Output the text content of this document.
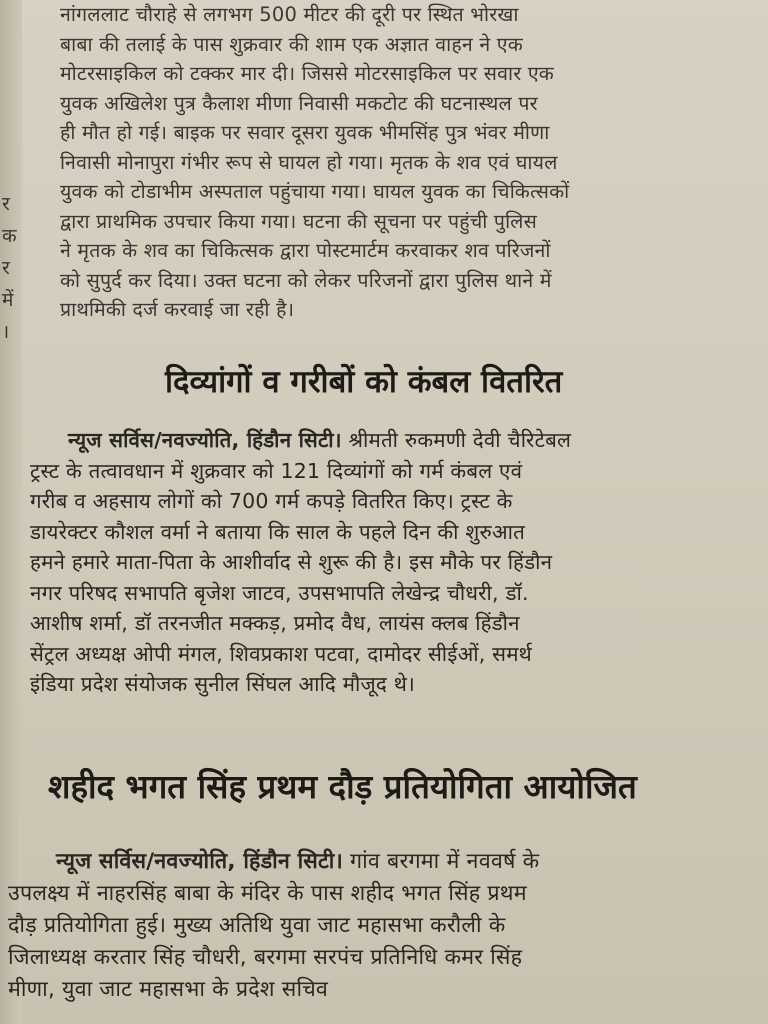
र
क
र
में
।
नांगललाट चौराहे से लगभग 500 मीटर की दूरी पर स्थित भोरखा
बाबा की तलाई के पास शुक्रवार की शाम एक अज्ञात वाहन ने एक
मोटरसाइकिल को टक्कर मार दी। जिससे मोटरसाइकिल पर सवार एक
युवक अखिलेश पुत्र कैलाश मीणा निवासी मकटोट की घटनास्थल पर
ही मौत हो गई। बाइक पर सवार दूसरा युवक भीमसिंह पुत्र भंवर मीणा
निवासी मोनापुरा गंभीर रूप से घायल हो गया। मृतक के शव एवं घायल
युवक को टोडाभीम अस्पताल पहुंचाया गया। घायल युवक का चिकित्सकों
द्वारा प्राथमिक उपचार किया गया। घटना की सूचना पर पहुंची पुलिस
ने मृतक के शव का चिकित्सक द्वारा पोस्टमार्टम करवाकर शव परिजनों
को सुपुर्द कर दिया। उक्त घटना को लेकर परिजनों द्वारा पुलिस थाने में
प्राथमिकी दर्ज करवाई जा रही है।
दिव्यांगों व गरीबों को कंबल वितरित
न्यूज सर्विस/नवज्योति, हिंडौन सिटी। श्रीमती रुकमणी देवी चैरिटेबल
ट्रस्ट के तत्वावधान में शुक्रवार को 121 दिव्यांगों को गर्म कंबल एवं
गरीब व अहसाय लोगों को 700 गर्म कपड़े वितरित किए। ट्रस्ट के
डायरेक्टर कौशल वर्मा ने बताया कि साल के पहले दिन की शुरुआत
हमने हमारे माता-पिता के आशीर्वाद से शुरू की है। इस मौके पर हिंडौन
नगर परिषद सभापति बृजेश जाटव, उपसभापति लेखेन्द्र चौधरी, डॉ.
आशीष शर्मा, डॉ तरनजीत मक्कड़, प्रमोद वैध, लायंस क्लब हिंडौन
सेंट्रल अध्यक्ष ओपी मंगल, शिवप्रकाश पटवा, दामोदर सीईओं, समर्थ
इंडिया प्रदेश संयोजक सुनील सिंघल आदि मौजूद थे।
शहीद भगत सिंह प्रथम दौड़ प्रतियोगिता आयोजित
न्यूज सर्विस/नवज्योति, हिंडौन सिटी। गांव बरगमा में नववर्ष के
उपलक्ष्य में नाहरसिंह बाबा के मंदिर के पास शहीद भगत सिंह प्रथम
दौड़ प्रतियोगिता हुई। मुख्य अतिथि युवा जाट महासभा करौली के
जिलाध्यक्ष करतार सिंह चौधरी, बरगमा सरपंच प्रतिनिधि कमर सिंह
मीणा, युवा जाट महासभा के प्रदेश सचिव
